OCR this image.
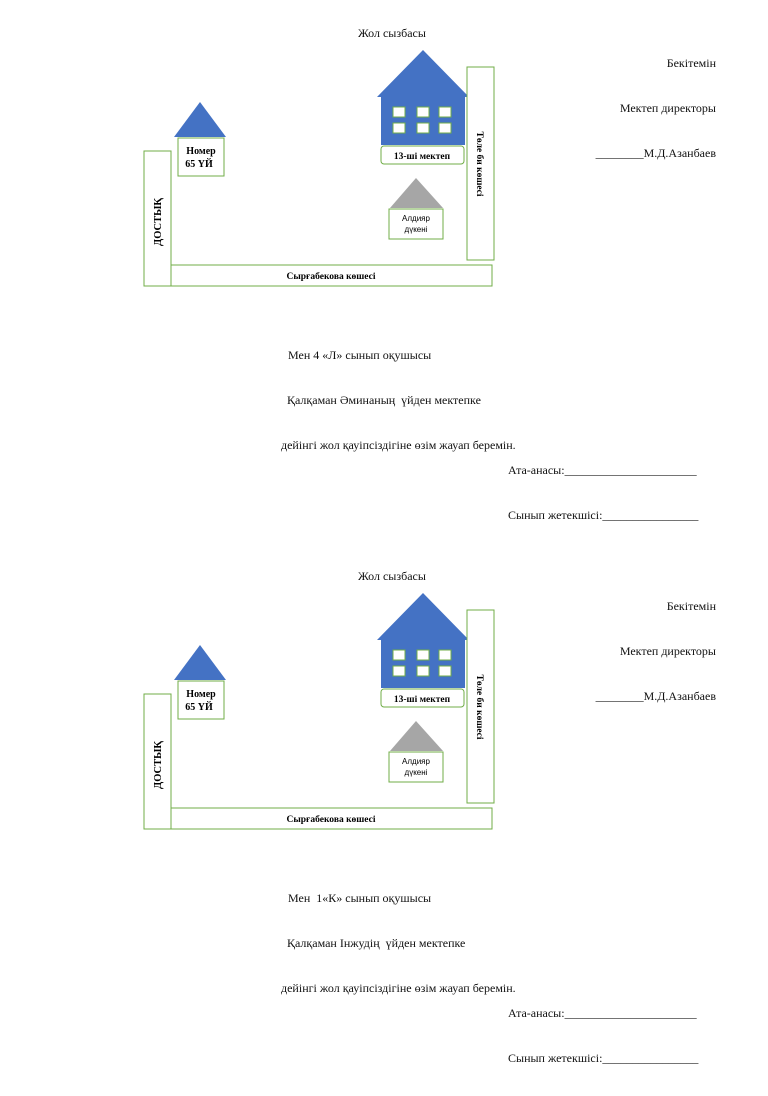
Жол сызбасы

Бекітемін

Мектеп директоры

________М.Д.Азанбаев

Номер
65 ҮЙ
13-ші мектеп
Алдияр
дүкені
ДОСТЫҚ
Сырғабекова көшесі
Төле би көшесі

Мен 4 «Л» сынып оқушысы

Қалқаман Әминаның  үйден мектепке

дейінгі жол қауіпсіздігіне өзім жауап беремін.

Ата-анасы:______________________

Сынып жетекшісі:________________

Жол сызбасы

Бекітемін

Мектеп директоры

________М.Д.Азанбаев

Номер
65 ҮЙ
13-ші мектеп
Алдияр
дүкені
ДОСТЫҚ
Сырғабекова көшесі
Төле би көшесі

Мен  1«К» сынып оқушысы

Қалқаман Інжудің  үйден мектепке

дейінгі жол қауіпсіздігіне өзім жауап беремін.

Ата-анасы:______________________

Сынып жетекшісі:________________
